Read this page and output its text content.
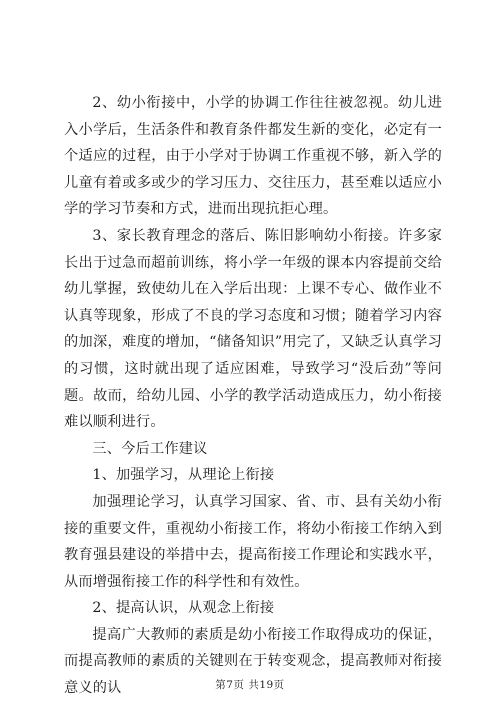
2、幼小衔接中，小学的协调工作往往被忽视。幼儿进入小学后，生活条件和教育条件都发生新的变化，必定有一个适应的过程，由于小学对于协调工作重视不够，新入学的儿童有着或多或少的学习压力、交往压力，甚至难以适应小学的学习节奏和方式，进而出现抗拒心理。

3、家长教育理念的落后、陈旧影响幼小衔接。许多家长出于过急而超前训练，将小学一年级的课本内容提前交给幼儿掌握，致使幼儿在入学后出现：上课不专心、做作业不认真等现象，形成了不良的学习态度和习惯；随着学习内容的加深，难度的增加，“储备知识”用完了，又缺乏认真学习的习惯，这时就出现了适应困难，导致学习“没后劲”等问题。故而，给幼儿园、小学的教学活动造成压力，幼小衔接难以顺利进行。

三、今后工作建议

1、加强学习，从理论上衔接

加强理论学习，认真学习国家、省、市、县有关幼小衔接的重要文件，重视幼小衔接工作，将幼小衔接工作纳入到教育强县建设的举措中去，提高衔接工作理论和实践水平，从而增强衔接工作的科学性和有效性。

2、提高认识，从观念上衔接

提高广大教师的素质是幼小衔接工作取得成功的保证，而提高教师的素质的关键则在于转变观念，提高教师对衔接意义的认	第7页 共19页
